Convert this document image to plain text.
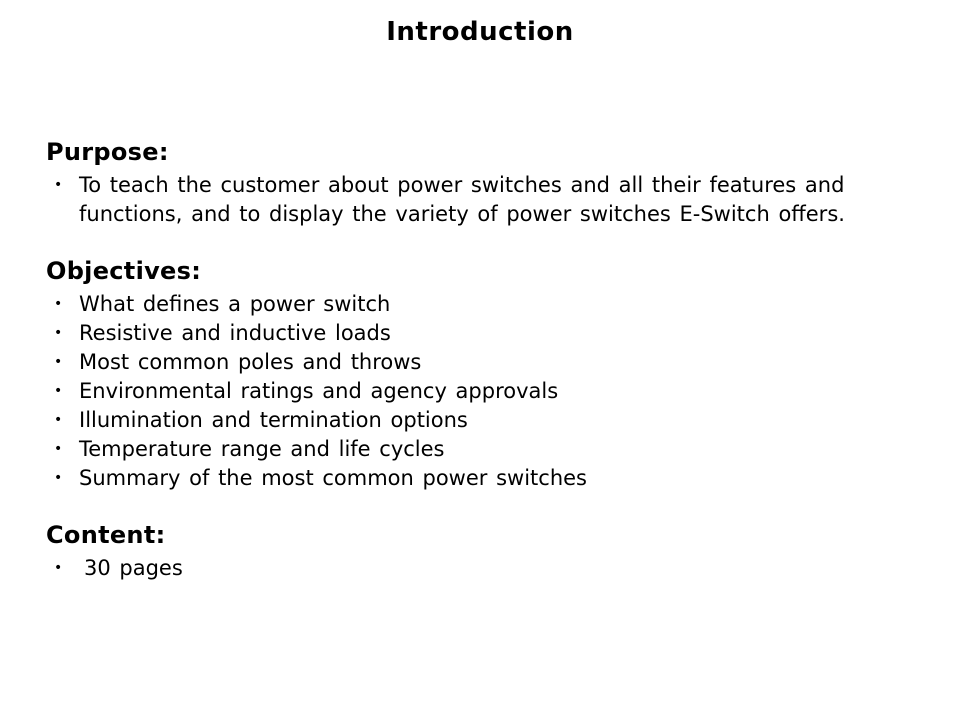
Introduction
Purpose:
• To teach the customer about power switches and all their features and functions, and to display the variety of power switches E-Switch offers.
Objectives:
• What defines a power switch
• Resistive and inductive loads
• Most common poles and throws
• Environmental ratings and agency approvals
• Illumination and termination options
• Temperature range and life cycles
• Summary of the most common power switches
Content:
• 30 pages
